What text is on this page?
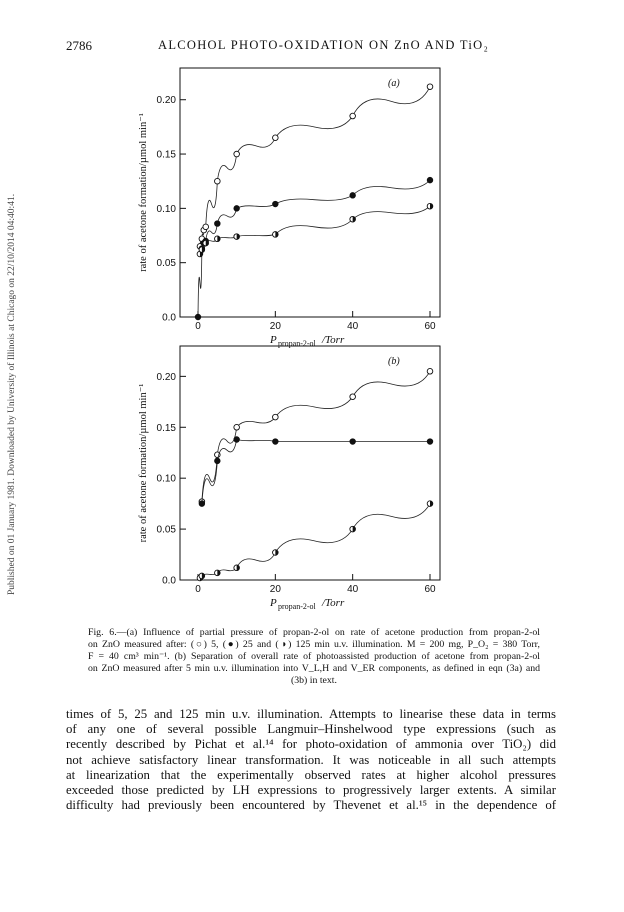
2786	ALCOHOL PHOTO-OXIDATION ON ZnO AND TiO₂
Published on 01 January 1981. Downloaded by University of Illinois at Chicago on 22/10/2014 04:40:41.	0.0
0.05
0.10
0.15
0.20
0	20	40	60
rate of acetone formation/µmol min⁻¹
P propan-2-ol /Torr
(a)
0.0
0.05
0.10
0.15
0.20
0	20	40	60
rate of acetone formation/µmol min⁻¹
P propan-2-ol /Torr
(b)
Fig. 6.—(a) Influence of partial pressure of propan-2-ol on rate of acetone production from propan-2-ol
on ZnO measured after: (○) 5, (●) 25 and (◑) 125 min u.v. illumination. M = 200 mg, P_O₂ = 380 Torr,
F = 40 cm³ min⁻¹. (b) Separation of overall rate of photoassisted production of acetone from propan-2-ol
on ZnO measured after 5 min u.v. illumination into V_L,H and V_ER components, as defined in eqn (3a) and
(3b) in text.
times of 5, 25 and 125 min u.v. illumination. Attempts to linearise these data in terms
of any one of several possible Langmuir–Hinshelwood type expressions (such as
recently described by Pichat et al.¹⁴ for photo-oxidation of ammonia over TiO₂) did
not achieve satisfactory linear transformation. It was noticeable in all such attempts
at linearization that the experimentally observed rates at higher alcohol pressures
exceeded those predicted by LH expressions to progressively larger extents. A similar
difficulty had previously been encountered by Thevenet et al.¹⁵ in the dependence of
